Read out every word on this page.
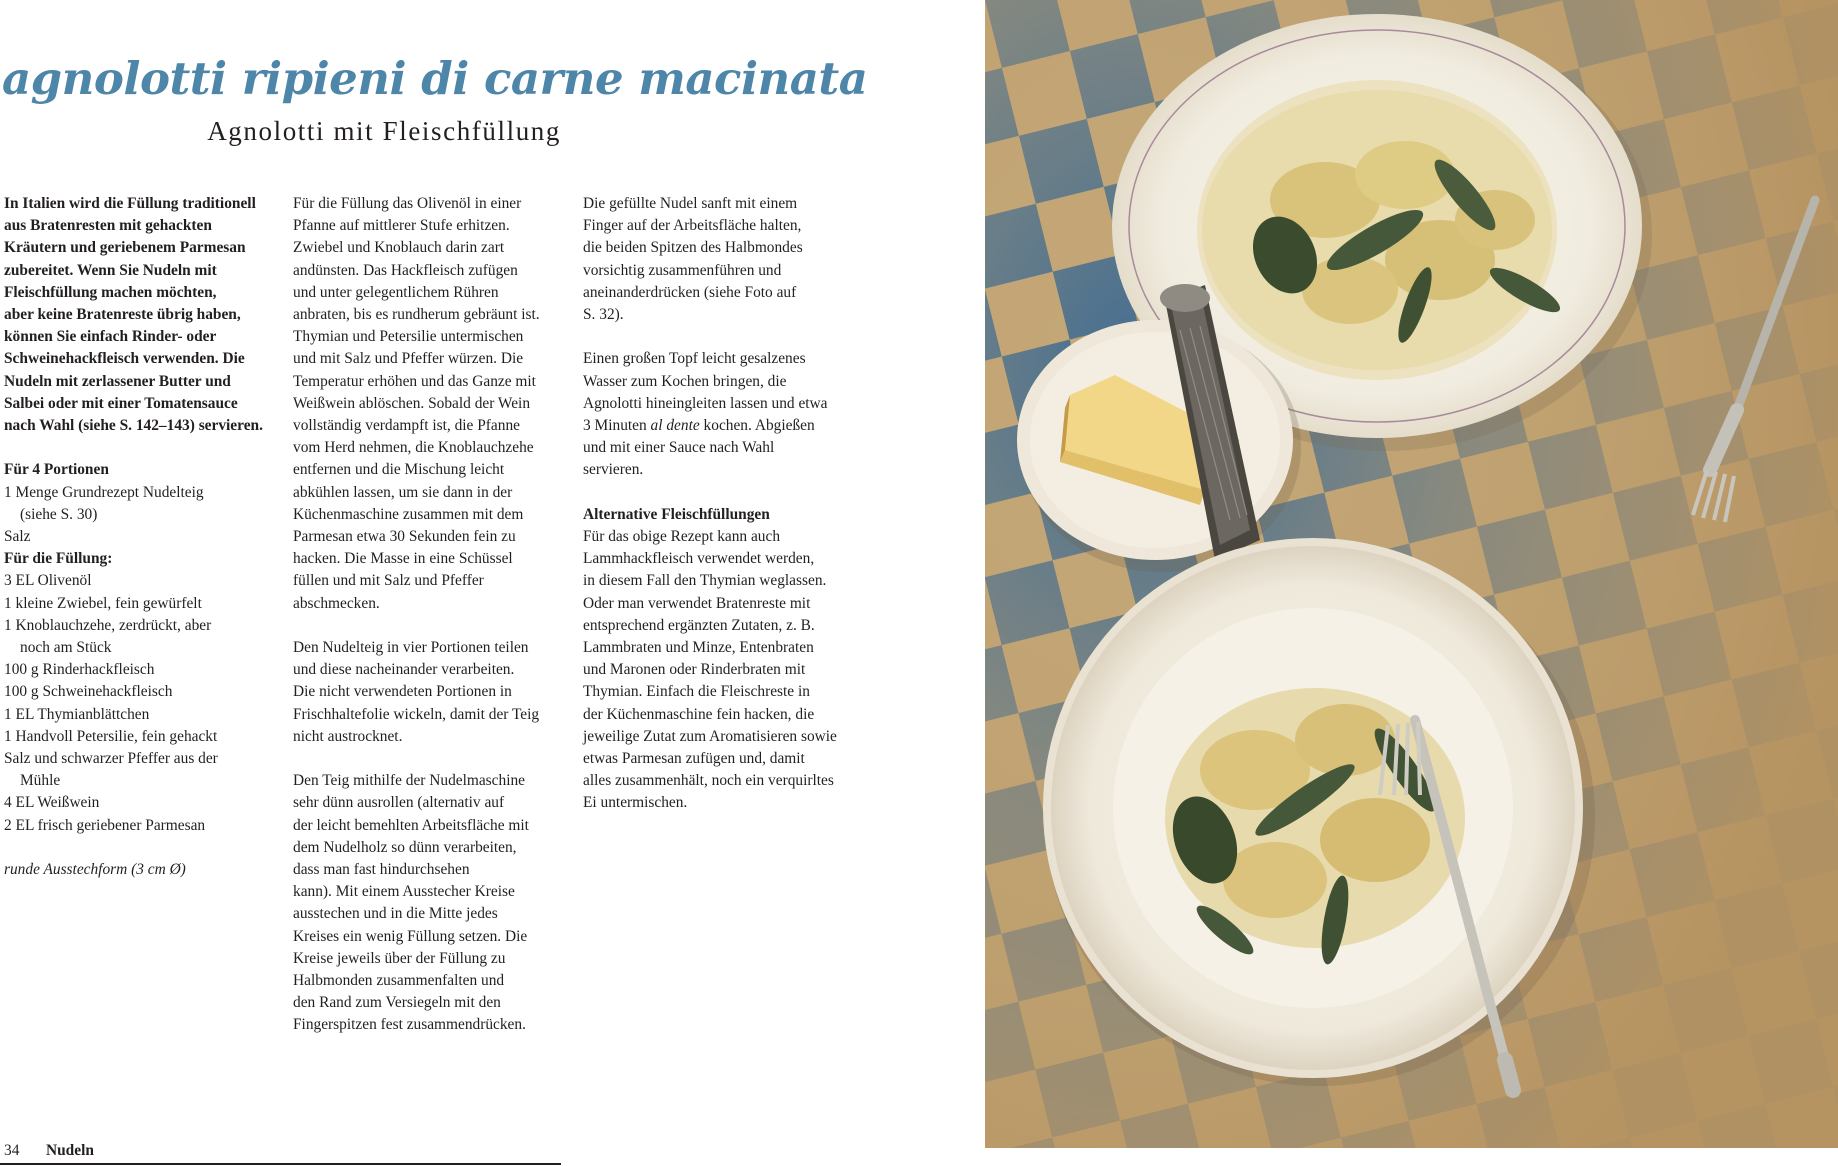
agnolotti ripieni di carne macinata
Agnolotti mit Fleischfüllung

In Italien wird die Füllung traditionell

aus Bratenresten mit gehackten

Kräutern und geriebenem Parmesan

zubereitet. Wenn Sie Nudeln mit

Fleischfüllung machen möchten,

aber keine Bratenreste übrig haben,

können Sie einfach Rinder- oder

Schweinehackfleisch verwenden. Die

Nudeln mit zerlassener Butter und

Salbei oder mit einer Tomatensauce

nach Wahl (siehe S. 142–143) servieren.

Für 4 Portionen

1 Menge Grundrezept Nudelteig

(siehe S. 30)

Salz

Für die Füllung:

3 EL Olivenöl

1 kleine Zwiebel, fein gewürfelt

1 Knoblauchzehe, zerdrückt, aber

noch am Stück

100 g Rinderhackfleisch

100 g Schweinehackfleisch

1 EL Thymianblättchen

1 Handvoll Petersilie, fein gehackt

Salz und schwarzer Pfeffer aus der

Mühle

4 EL Weißwein

2 EL frisch geriebener Parmesan

runde Ausstechform (3 cm Ø)

Für die Füllung das Olivenöl in einer

Pfanne auf mittlerer Stufe erhitzen.

Zwiebel und Knoblauch darin zart

andünsten. Das Hackfleisch zufügen

und unter gelegentlichem Rühren

anbraten, bis es rundherum gebräunt ist.

Thymian und Petersilie untermischen

und mit Salz und Pfeffer würzen. Die

Temperatur erhöhen und das Ganze mit

Weißwein ablöschen. Sobald der Wein

vollständig verdampft ist, die Pfanne

vom Herd nehmen, die Knoblauchzehe

entfernen und die Mischung leicht

abkühlen lassen, um sie dann in der

Küchenmaschine zusammen mit dem

Parmesan etwa 30 Sekunden fein zu

hacken. Die Masse in eine Schüssel

füllen und mit Salz und Pfeffer

abschmecken.

Den Nudelteig in vier Portionen teilen

und diese nacheinander verarbeiten.

Die nicht verwendeten Portionen in

Frischhaltefolie wickeln, damit der Teig

nicht austrocknet.

Den Teig mithilfe der Nudelmaschine

sehr dünn ausrollen (alternativ auf

der leicht bemehlten Arbeitsfläche mit

dem Nudelholz so dünn verarbeiten,

dass man fast hindurchsehen

kann). Mit einem Ausstecher Kreise

ausstechen und in die Mitte jedes

Kreises ein wenig Füllung setzen. Die

Kreise jeweils über der Füllung zu

Halbmonden zusammenfalten und

den Rand zum Versiegeln mit den

Fingerspitzen fest zusammendrücken.

Die gefüllte Nudel sanft mit einem

Finger auf der Arbeitsfläche halten,

die beiden Spitzen des Halbmondes

vorsichtig zusammenführen und

aneinanderdrücken (siehe Foto auf

S. 32).

Einen großen Topf leicht gesalzenes

Wasser zum Kochen bringen, die

Agnolotti hineingleiten lassen und etwa

3 Minuten al dente kochen. Abgießen

und mit einer Sauce nach Wahl

servieren.

Alternative Fleischfüllungen

Für das obige Rezept kann auch

Lammhackfleisch verwendet werden,

in diesem Fall den Thymian weglassen.

Oder man verwendet Bratenreste mit

entsprechend ergänzten Zutaten, z. B.

Lammbraten und Minze, Entenbraten

und Maronen oder Rinderbraten mit

Thymian. Einfach die Fleischreste in

der Küchenmaschine fein hacken, die

jeweilige Zutat zum Aromatisieren sowie

etwas Parmesan zufügen und, damit

alles zusammenhält, noch ein verquirltes

Ei untermischen.

34 Nudeln
